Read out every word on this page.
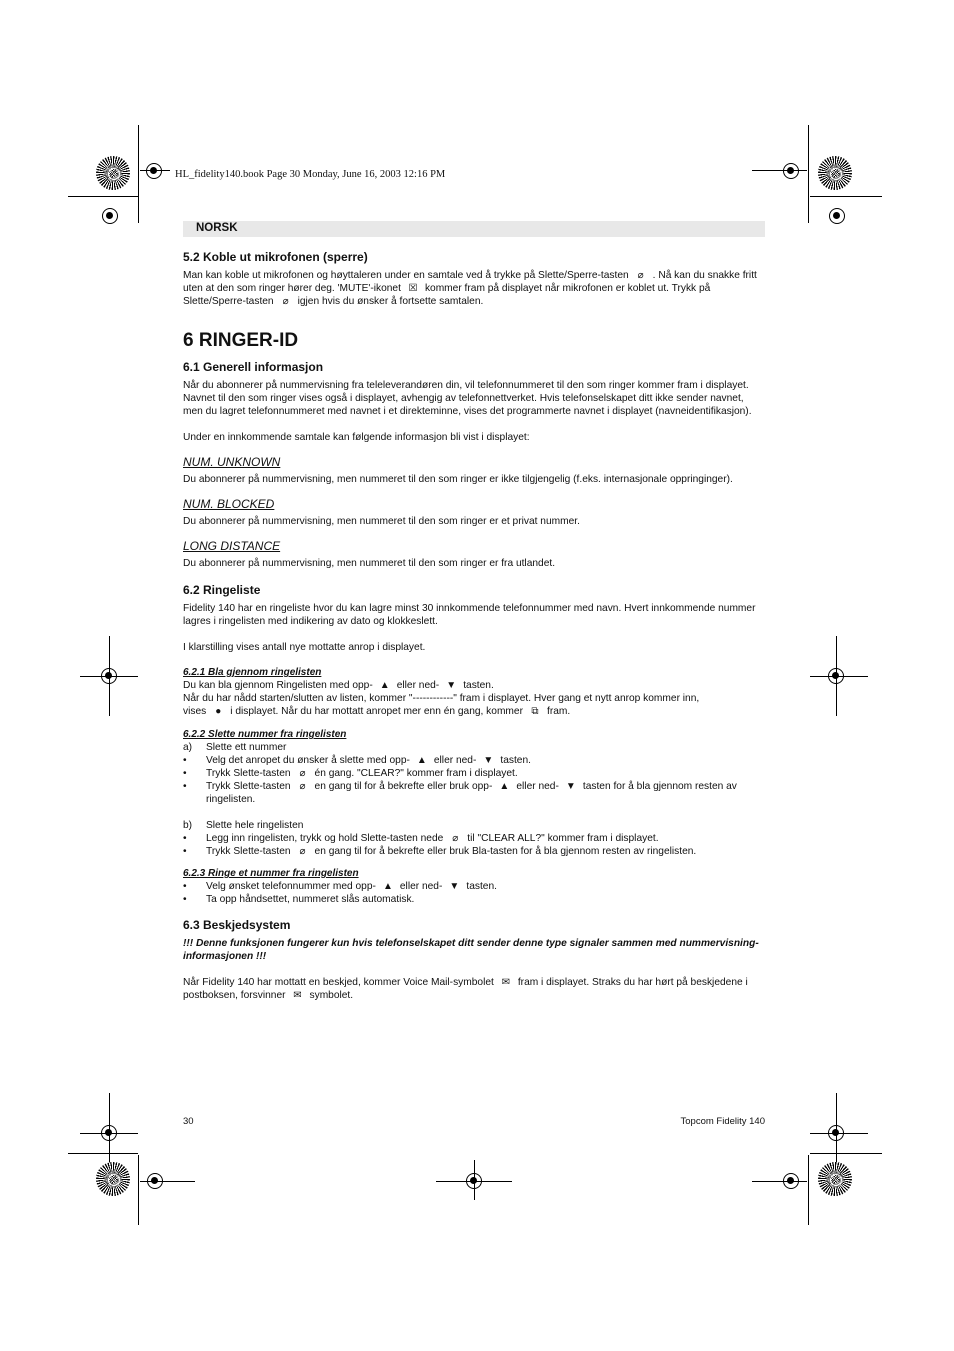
HL_fidelity140.book Page 30 Monday, June 16, 2003 12:16 PM
NORSK
5.2 Koble ut mikrofonen (sperre)

Man kan koble ut mikrofonen og høyttaleren under en samtale ved å trykke på Slette/Sperre-tasten ⌀ . Nå kan du snakke fritt uten at den som ringer hører deg. 'MUTE'-ikonet ☒ kommer fram på displayet når mikrofonen er koblet ut. Trykk på Slette/Sperre-tasten ⌀ igjen hvis du ønsker å fortsette samtalen.

6 RINGER-ID
6.1 Generell informasjon

Når du abonnerer på nummervisning fra teleleverandøren din, vil telefonnummeret til den som ringer kommer fram i displayet. Navnet til den som ringer vises også i displayet, avhengig av telefonnettverket. Hvis telefonselskapet ditt ikke sender navnet, men du lagret telefonnummeret med navnet i et direkteminne, vises det programmerte navnet i displayet (navneidentifikasjon).

Under en innkommende samtale kan følgende informasjon bli vist i displayet:

NUM. UNKNOWN

Du abonnerer på nummervisning, men nummeret til den som ringer er ikke tilgjengelig (f.eks. internasjonale oppringinger).

NUM. BLOCKED

Du abonnerer på nummervisning, men nummeret til den som ringer er et privat nummer.

LONG DISTANCE

Du abonnerer på nummervisning, men nummeret til den som ringer er fra utlandet.

6.2 Ringeliste

Fidelity 140 har en ringeliste hvor du kan lagre minst 30 innkommende telefonnummer med navn. Hvert innkommende nummer lagres i ringelisten med indikering av dato og klokkeslett.

I klarstilling vises antall nye mottatte anrop i displayet.

6.2.1 Bla gjennom ringelisten

Du kan bla gjennom Ringelisten med opp- ▲ eller ned- ▼ tasten.

Når du har nådd starten/slutten av listen, kommer "------------" fram i displayet. Hver gang et nytt anrop kommer inn,

vises ● i displayet. Når du har mottatt anropet mer enn én gang, kommer ⧉ fram.

6.2.2 Slette nummer fra ringelisten

a) Slette ett nummer
• Velg det anropet du ønsker å slette med opp- ▲ eller ned- ▼ tasten.
• Trykk Slette-tasten ⌀ én gang. "CLEAR?" kommer fram i displayet.
• Trykk Slette-tasten ⌀ en gang til for å bekrefte eller bruk opp- ▲ eller ned- ▼ tasten for å bla gjennom resten av ringelisten.
b) Slette hele ringelisten
• Legg inn ringelisten, trykk og hold Slette-tasten nede ⌀ til "CLEAR ALL?" kommer fram i displayet.
• Trykk Slette-tasten ⌀ en gang til for å bekrefte eller bruk Bla-tasten for å bla gjennom resten av ringelisten.

6.2.3 Ringe et nummer fra ringelisten

• Velg ønsket telefonnummer med opp- ▲ eller ned- ▼ tasten.
• Ta opp håndsettet, nummeret slås automatisk.
6.3 Beskjedsystem

!!! Denne funksjonen fungerer kun hvis telefonselskapet ditt sender denne type signaler sammen med nummervisning-informasjonen !!!

Når Fidelity 140 har mottatt en beskjed, kommer Voice Mail-symbolet ✉ fram i displayet. Straks du har hørt på beskjedene i postboksen, forsvinner ✉ symbolet.

30	Topcom Fidelity 140
